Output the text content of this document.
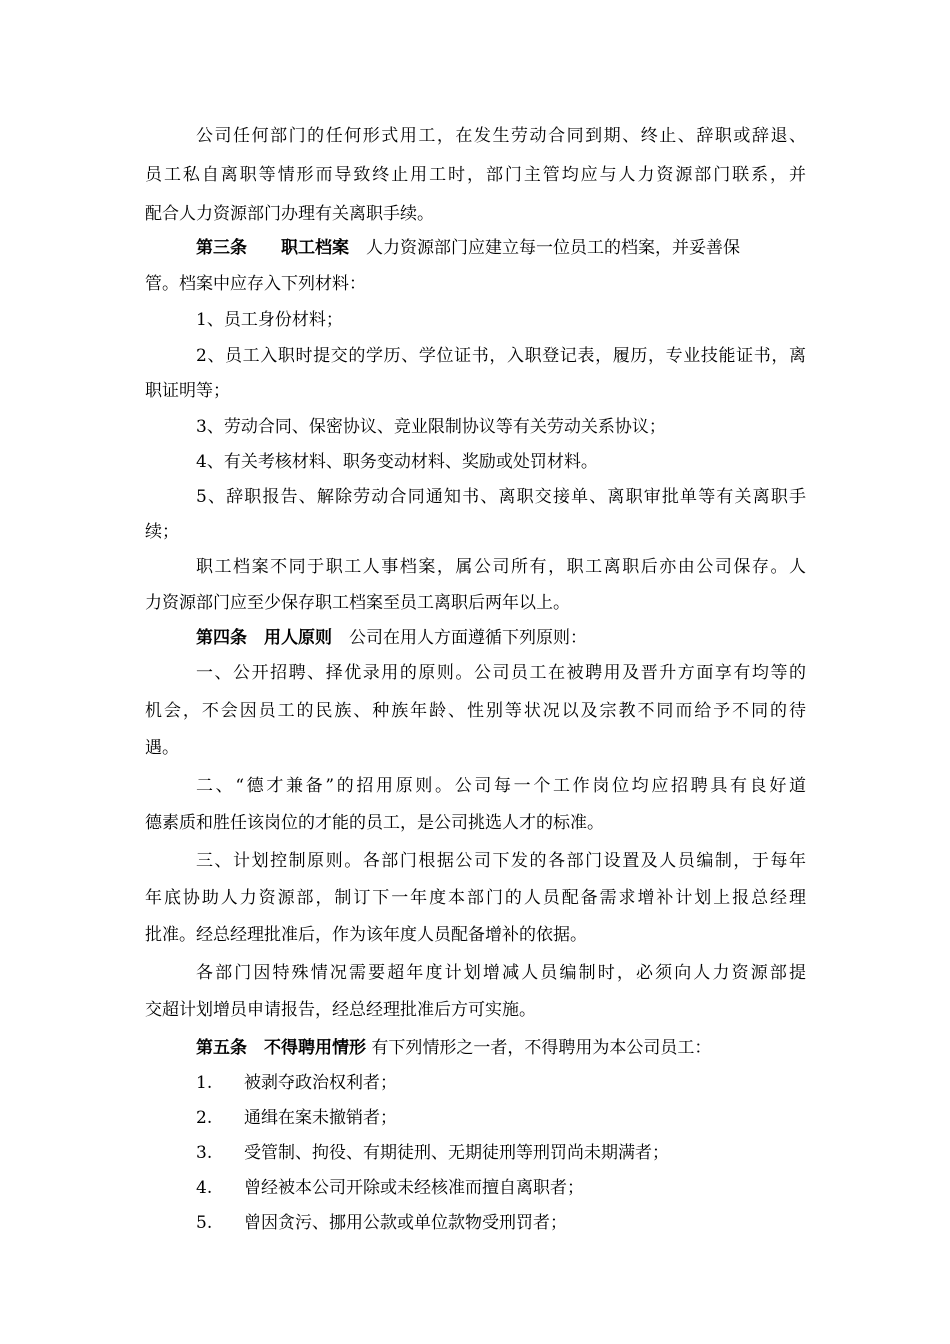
公司任何部门的任何形式用工，在发生劳动合同到期、终止、辞职或辞退、
员工私自离职等情形而导致终止用工时，部门主管均应与人力资源部门联系，并
配合人力资源部门办理有关离职手续。
第三条　　职工档案　人力资源部门应建立每一位员工的档案，并妥善保
管。档案中应存入下列材料：
1、员工身份材料；
2、员工入职时提交的学历、学位证书，入职登记表，履历，专业技能证书，离
职证明等；
3、劳动合同、保密协议、竞业限制协议等有关劳动关系协议；
4、有关考核材料、职务变动材料、奖励或处罚材料。
5、辞职报告、解除劳动合同通知书、离职交接单、离职审批单等有关离职手
续；
职工档案不同于职工人事档案，属公司所有，职工离职后亦由公司保存。人
力资源部门应至少保存职工档案至员工离职后两年以上。
第四条　用人原则　公司在用人方面遵循下列原则：
一、公开招聘、择优录用的原则。公司员工在被聘用及晋升方面享有均等的
机会，不会因员工的民族、种族年龄、性别等状况以及宗教不同而给予不同的待
遇。
二、“德才兼备”的招用原则。公司每一个工作岗位均应招聘具有良好道
德素质和胜任该岗位的才能的员工，是公司挑选人才的标准。
三、计划控制原则。各部门根据公司下发的各部门设置及人员编制，于每年
年底协助人力资源部，制订下一年度本部门的人员配备需求增补计划上报总经理
批准。经总经理批准后，作为该年度人员配备增补的依据。
各部门因特殊情况需要超年度计划增减人员编制时，必须向人力资源部提
交超计划增员申请报告，经总经理批准后方可实施。
第五条　不得聘用情形 有下列情形之一者，不得聘用为本公司员工：
1. 被剥夺政治权利者；
2. 通缉在案未撤销者；
3. 受管制、拘役、有期徒刑、无期徒刑等刑罚尚未期满者；
4. 曾经被本公司开除或未经核准而擅自离职者；
5. 曾因贪污、挪用公款或单位款物受刑罚者；
